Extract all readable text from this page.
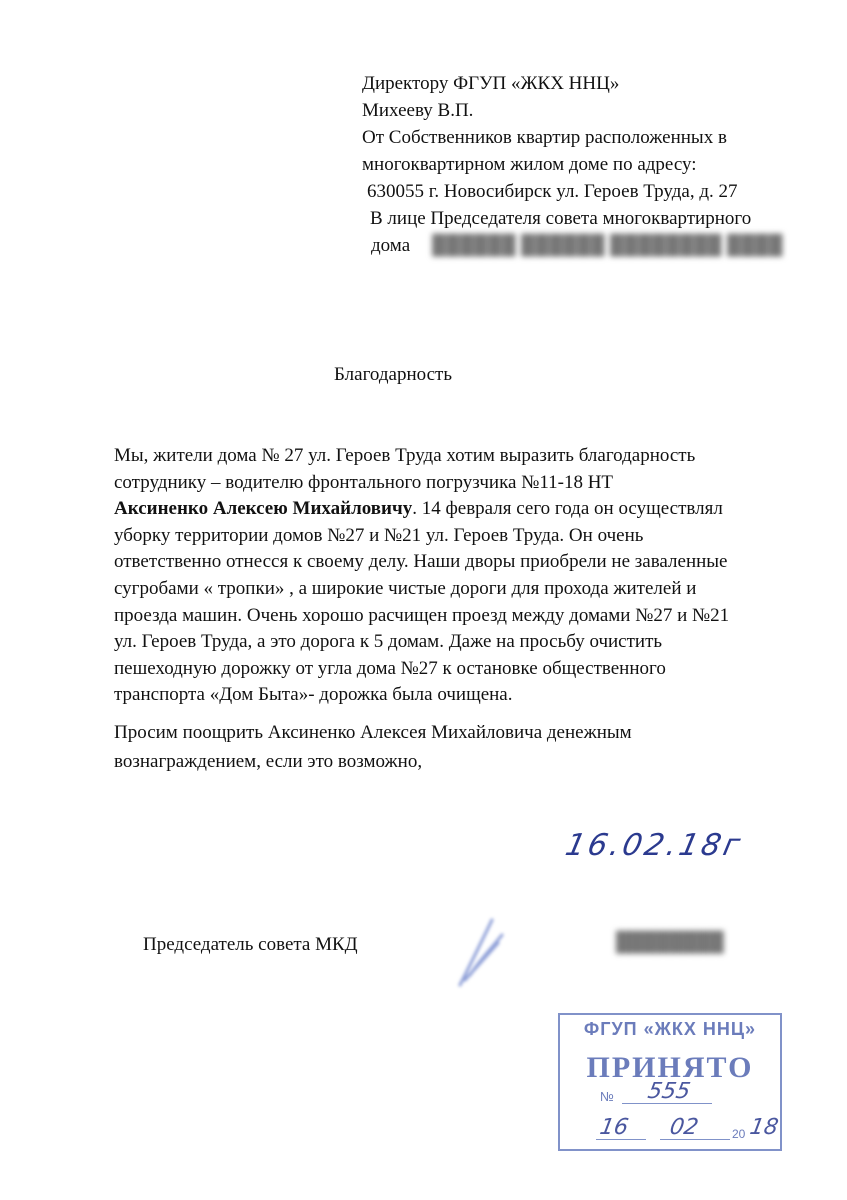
Директору ФГУП «ЖКХ ННЦ»
Михееву В.П.
От Собственников квартир расположенных в
многоквартирном жилом доме по адресу:
630055 г. Новосибирск ул. Героев Труда, д. 27
В лице Председателя совета многоквартирного
дома ██████ ██████ ████████ ████
Благодарность
Мы, жители дома № 27 ул. Героев Труда хотим выразить благодарность
сотруднику – водителю фронтального погрузчика №11-18 НТ
Аксиненко Алексею Михайловичу. 14 февраля сего года он осуществлял
уборку территории домов №27 и №21 ул. Героев Труда. Он очень
ответственно отнесся к своему делу. Наши дворы приобрели не заваленные
сугробами « тропки» , а широкие чистые дороги для прохода жителей и
проезда машин. Очень хорошо расчищен проезд между домами №27 и №21
ул. Героев Труда, а это дорога к 5 домам. Даже на просьбу очистить
пешеходную дорожку от угла дома №27 к остановке общественного
транспорта «Дом Быта»- дорожка была очищена.
Просим поощрить Аксиненко Алексея Михайловича денежным
вознаграждением, если это возможно,
16.02.18г
Председатель совета МКД	████████
ФГУП «ЖКХ ННЦ»
ПРИНЯТО
№ 555
16 02	20 18
